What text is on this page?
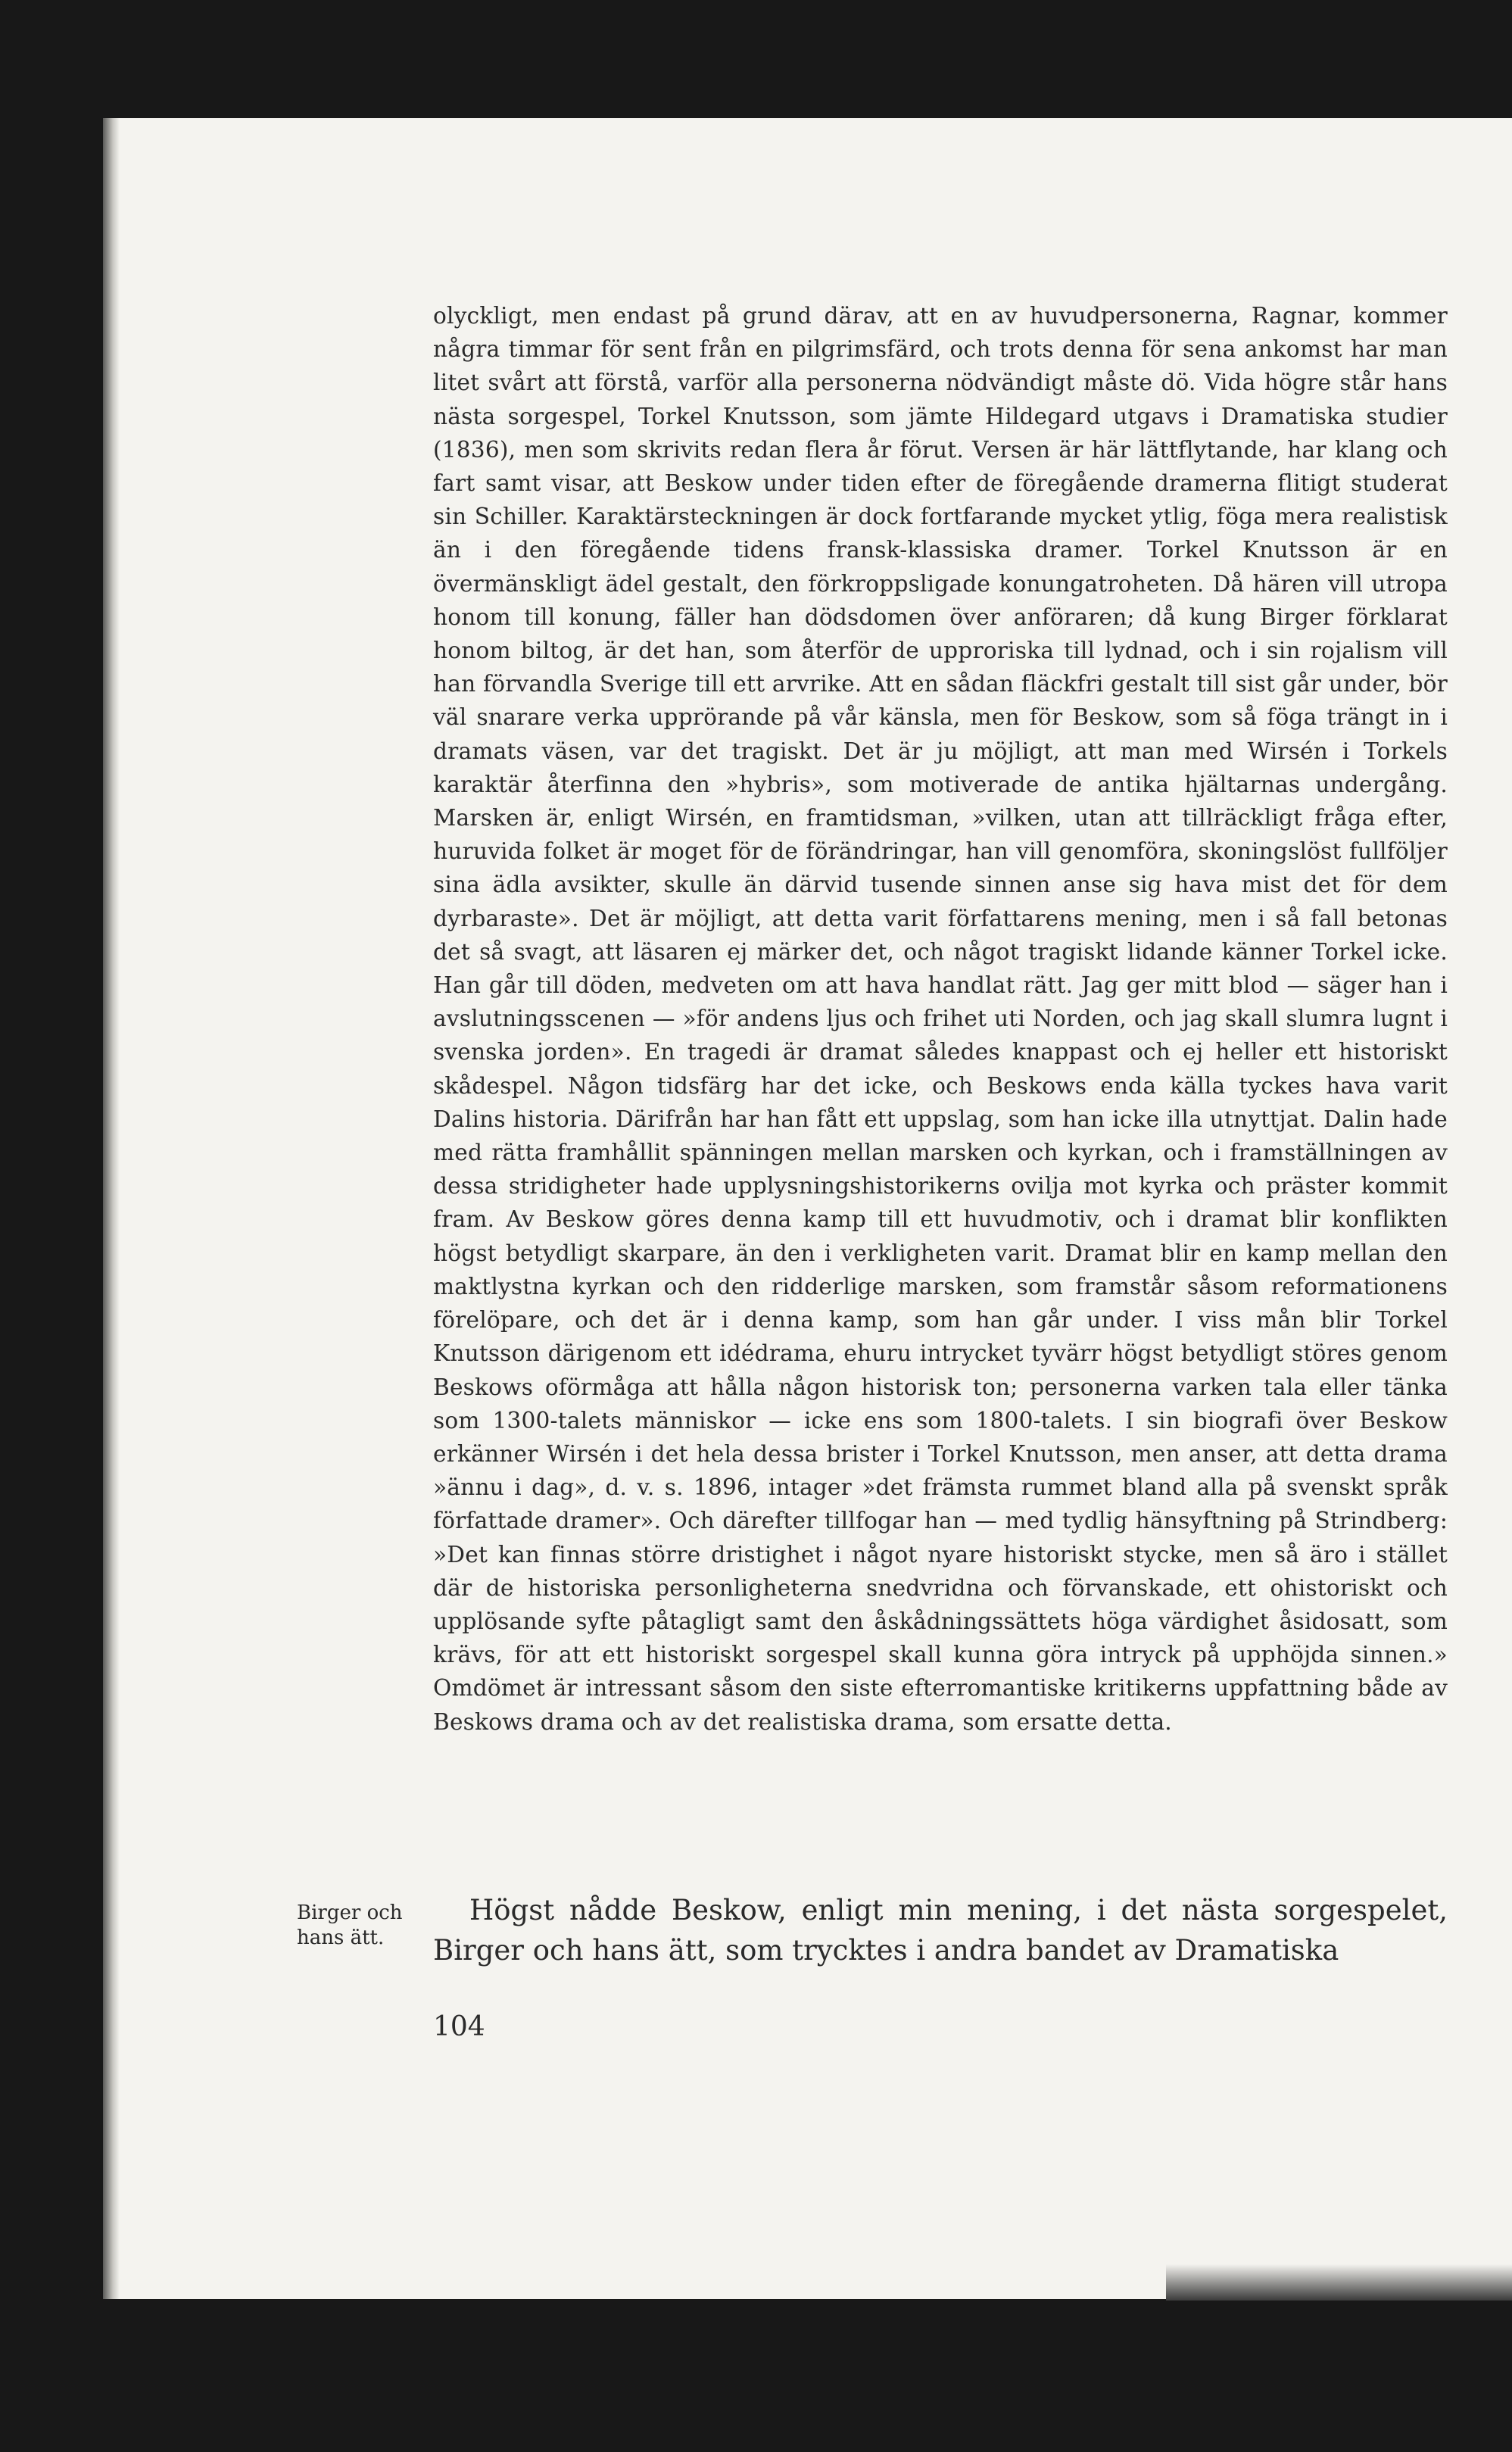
olyckligt, men endast på grund därav, att en av huvudpersonerna, Ragnar, kommer några timmar för sent från en pilgrimsfärd, och trots denna för sena ankomst har man litet svårt att förstå, varför alla personerna nödvändigt måste dö. Vida högre står hans nästa sorgespel, Torkel Knutsson, som jämte Hildegard utgavs i Dramatiska studier (1836), men som skrivits redan flera år förut. Versen är här lättflytande, har klang och fart samt visar, att Beskow under tiden efter de föregående dramerna flitigt studerat sin Schiller. Karaktärsteckningen är dock fortfarande mycket ytlig, föga mera realistisk än i den föregående tidens fransk-klassiska dramer. Torkel Knutsson är en övermänskligt ädel gestalt, den förkroppsligade konungatroheten. Då hären vill utropa honom till konung, fäller han dödsdomen över anföraren; då kung Birger förklarat honom biltog, är det han, som återför de upproriska till lydnad, och i sin rojalism vill han förvandla Sverige till ett arvrike. Att en sådan fläckfri gestalt till sist går under, bör väl snarare verka upprörande på vår känsla, men för Beskow, som så föga trängt in i dramats väsen, var det tragiskt. Det är ju möjligt, att man med Wirsén i Torkels karaktär återfinna den »hybris», som motiverade de antika hjältarnas undergång. Marsken är, enligt Wirsén, en framtidsman, »vilken, utan att tillräckligt fråga efter, huruvida folket är moget för de förändringar, han vill genomföra, skoningslöst fullföljer sina ädla avsikter, skulle än därvid tusende sinnen anse sig hava mist det för dem dyrbaraste». Det är möjligt, att detta varit författarens mening, men i så fall betonas det så svagt, att läsaren ej märker det, och något tragiskt lidande känner Torkel icke. Han går till döden, medveten om att hava handlat rätt. Jag ger mitt blod — säger han i avslutningsscenen — »för andens ljus och frihet uti Norden, och jag skall slumra lugnt i svenska jorden». En tragedi är dramat således knappast och ej heller ett historiskt skådespel. Någon tidsfärg har det icke, och Beskows enda källa tyckes hava varit Dalins historia. Därifrån har han fått ett uppslag, som han icke illa utnyttjat. Dalin hade med rätta framhållit spänningen mellan marsken och kyrkan, och i framställningen av dessa stridigheter hade upplysningshistorikerns ovilja mot kyrka och präster kommit fram. Av Beskow göres denna kamp till ett huvudmotiv, och i dramat blir konflikten högst betydligt skarpare, än den i verkligheten varit. Dramat blir en kamp mellan den maktlystna kyrkan och den ridderlige marsken, som framstår såsom reformationens förelöpare, och det är i denna kamp, som han går under. I viss mån blir Torkel Knutsson därigenom ett idédrama, ehuru intrycket tyvärr högst betydligt störes genom Beskows oförmåga att hålla någon historisk ton; personerna varken tala eller tänka som 1300-talets människor — icke ens som 1800-talets. I sin biografi över Beskow erkänner Wirsén i det hela dessa brister i Torkel Knutsson, men anser, att detta drama »ännu i dag», d. v. s. 1896, intager »det främsta rummet bland alla på svenskt språk författade dramer». Och därefter tillfogar han — med tydlig hänsyftning på Strindberg: »Det kan finnas större dristighet i något nyare historiskt stycke, men så äro i stället där de historiska personligheterna snedvridna och förvanskade, ett ohistoriskt och upplösande syfte påtagligt samt den åskådningssättets höga värdighet åsidosatt, som krävs, för att ett historiskt sorgespel skall kunna göra intryck på upphöjda sinnen.» Omdömet är intressant såsom den siste efterromantiske kritikerns uppfattning både av Beskows drama och av det realistiska drama, som ersatte detta.
Birger och hans ätt.
Högst nådde Beskow, enligt min mening, i det nästa sorgespelet, Birger och hans ätt, som trycktes i andra bandet av Dramatiska
104
